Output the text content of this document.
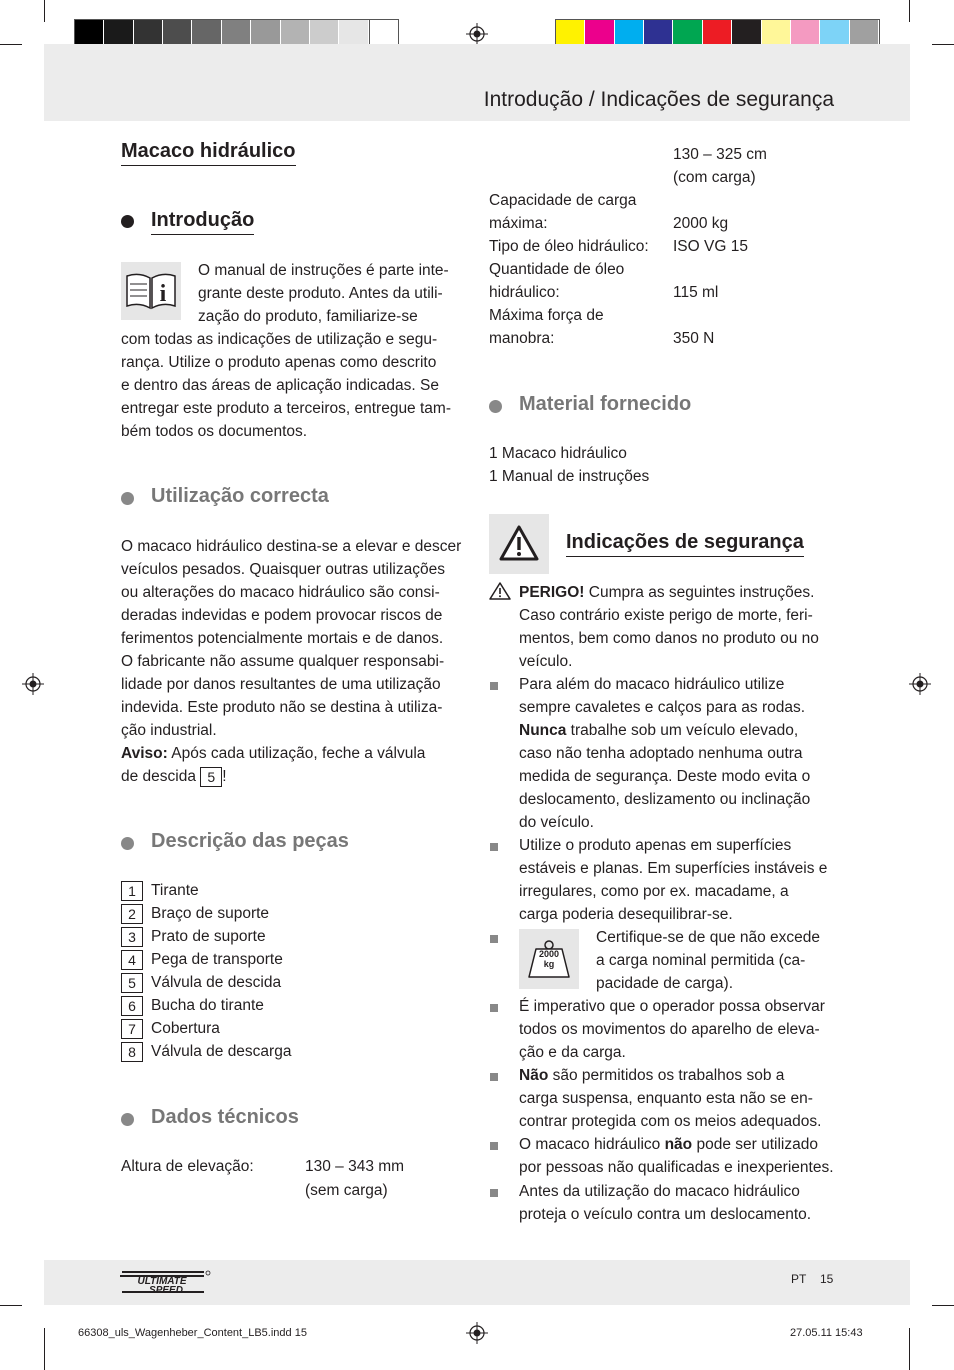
Introdução / Indicações de segurança
Macaco hidráulico
Introdução
i
O manual de instruções é parte inte-
grante deste produto. Antes da utili-
zação do produto, familiarize-se
com todas as indicações de utilização e segu-
rança. Utilize o produto apenas como descrito
e dentro das áreas de aplicação indicadas. Se
entregar este produto a terceiros, entregue tam-
bém todos os documentos.
Utilização correcta
O macaco hidráulico destina-se a elevar e descer
veículos pesados. Quaisquer outras utilizações
ou alterações do macaco hidráulico são consi-
deradas indevidas e podem provocar riscos de
ferimentos potencialmente mortais e de danos.
O fabricante não assume qualquer responsabi-
lidade por danos resultantes de uma utilização
indevida. Este produto não se destina à utiliza-
ção industrial.
Aviso: Após cada utilização, feche a válvula
de descida 5 !
Descrição das peças
1 Tirante
2 Braço de suporte
3 Prato de suporte
4 Pega de transporte
5 Válvula de descida
6 Bucha do tirante
7 Cobertura
8 Válvula de descarga
Dados técnicos
Altura de elevação:	130 – 343 mm
(sem carga)
130 – 325 cm
(com carga)
Capacidade de carga
máxima:
Tipo de óleo hidráulico:
Quantidade de óleo
hidráulico:
Máxima força de
manobra:
2000 kg
ISO VG 15
115 ml
350 N
Material fornecido
1 Macaco hidráulico
1 Manual de instruções
Indicações de segurança
PERIGO! Cumpra as seguintes instruções.
Caso contrário existe perigo de morte, feri-
mentos, bem como danos no produto ou no
veículo.
Para além do macaco hidráulico utilize
sempre cavaletes e calços para as rodas.
Nunca trabalhe sob um veículo elevado,
caso não tenha adoptado nenhuma outra
medida de segurança. Deste modo evita o
deslocamento, deslizamento ou inclinação
do veículo.
Utilize o produto apenas em superfícies
estáveis e planas. Em superfícies instáveis e
irregulares, como por ex. macadame, a
carga poderia desequilibrar-se.
2000
kg
Certifique-se de que não excede
a carga nominal permitida (ca-
pacidade de carga).
É imperativo que o operador possa observar
todos os movimentos do aparelho de eleva-
ção e da carga.
Não são permitidos os trabalhos sob a
carga suspensa, enquanto esta não se en-
contrar protegida com os meios adequados.
O macaco hidráulico não pode ser utilizado
por pessoas não qualificadas e inexperientes.
Antes da utilização do macaco hidráulico
proteja o veículo contra um deslocamento.
ULTIMATE
SPEED
PT 15
66308_uls_Wagenheber_Content_LB5.indd 15	27.05.11 15:43
